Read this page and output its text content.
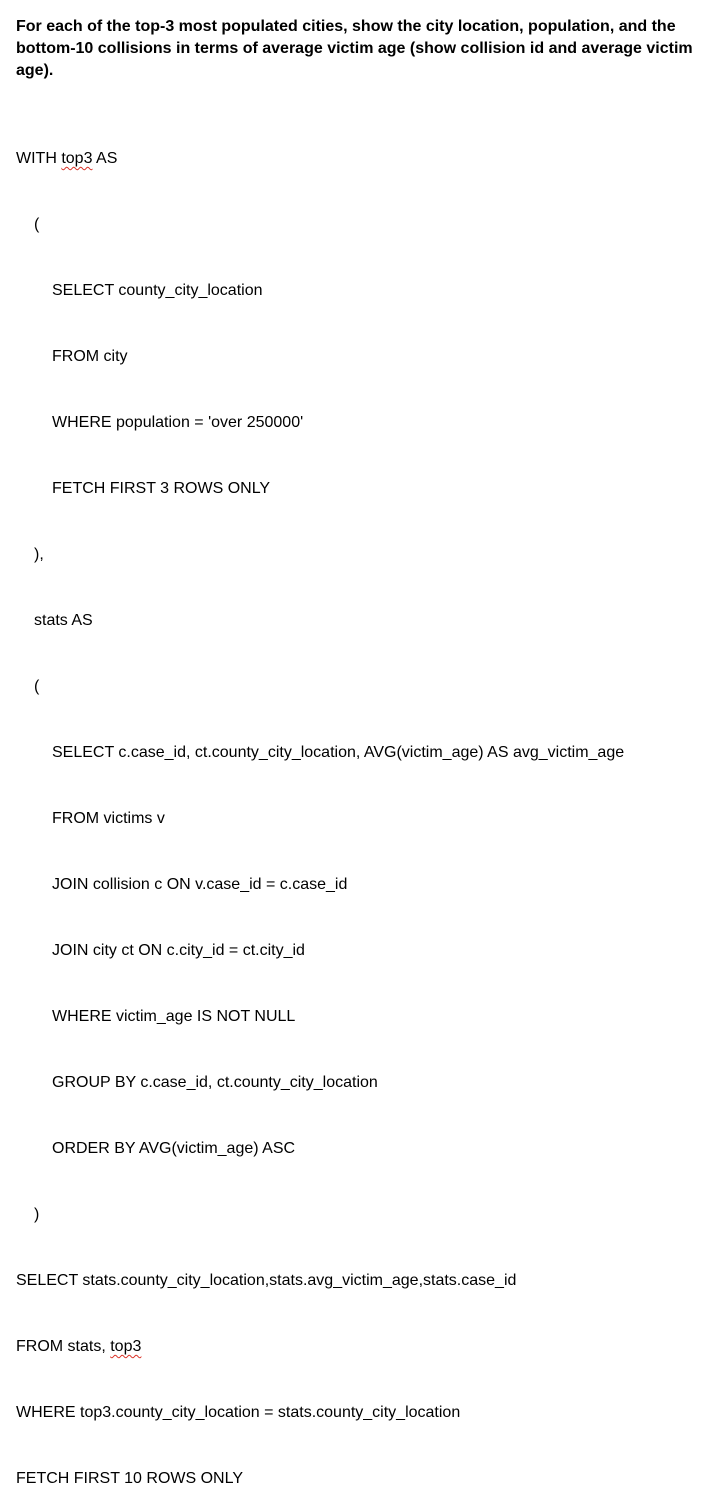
For each of the top-3 most populated cities, show the city location, population, and the bottom-10 collisions in terms of average victim age (show collision id and average victim age).

WITH top3 AS

(

SELECT county_city_location

FROM city

WHERE population = 'over 250000'

FETCH FIRST 3 ROWS ONLY

),

stats AS

(

SELECT c.case_id, ct.county_city_location, AVG(victim_age) AS avg_victim_age

FROM victims v

JOIN collision c ON v.case_id = c.case_id

JOIN city ct ON c.city_id = ct.city_id

WHERE victim_age IS NOT NULL

GROUP BY c.case_id, ct.county_city_location

ORDER BY AVG(victim_age) ASC

)

SELECT stats.county_city_location,stats.avg_victim_age,stats.case_id

FROM stats, top3

WHERE top3.county_city_location = stats.county_city_location

FETCH FIRST 10 ROWS ONLY
